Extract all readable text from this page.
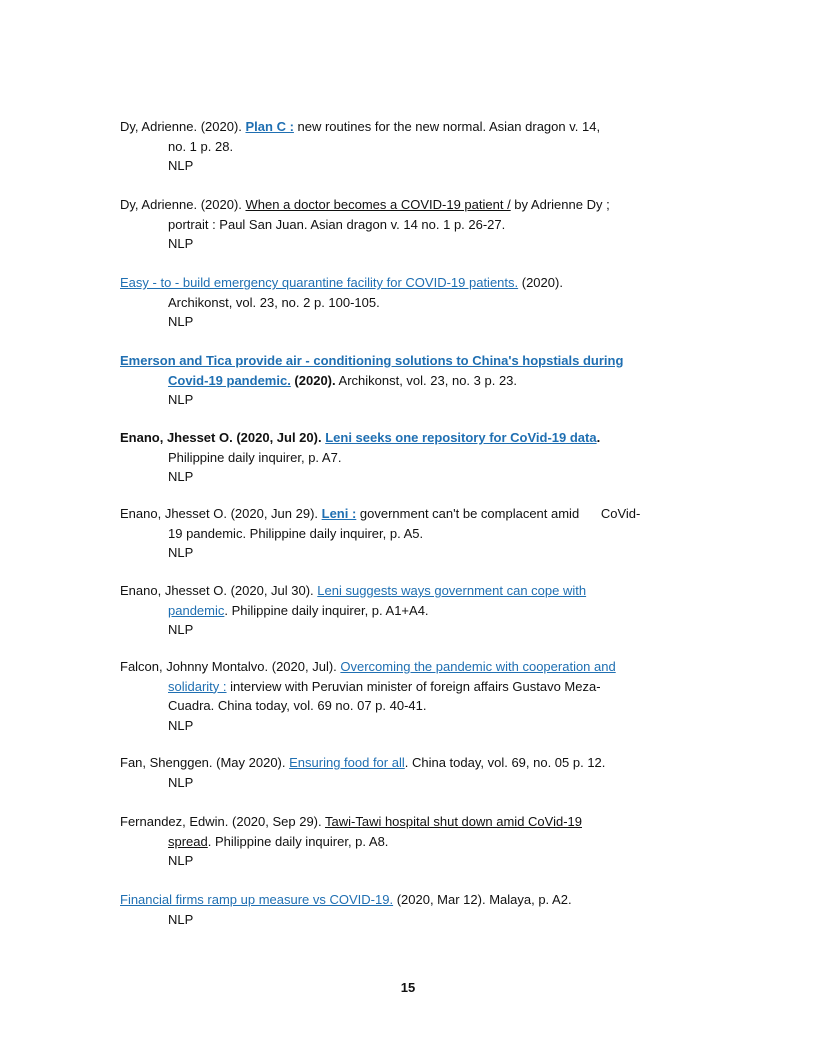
Dy, Adrienne. (2020). Plan C : new routines for the new normal. Asian dragon v. 14,
no. 1 p. 28.
NLP
Dy, Adrienne. (2020). When a doctor becomes a COVID-19 patient / by Adrienne Dy ;
portrait : Paul San Juan. Asian dragon v. 14 no. 1 p. 26-27.
NLP
Easy - to - build emergency quarantine facility for COVID-19 patients. (2020).
Archikonst, vol. 23, no. 2 p. 100-105.
NLP
Emerson and Tica provide air - conditioning solutions to China's hopstials during
Covid-19 pandemic. (2020). Archikonst, vol. 23, no. 3 p. 23.
NLP
Enano, Jhesset O. (2020, Jul 20). Leni seeks one repository for CoVid-19 data.
Philippine daily inquirer, p. A7.
NLP
Enano, Jhesset O. (2020, Jun 29). Leni : government can't be complacent amid      CoVid-
19 pandemic. Philippine daily inquirer, p. A5.
NLP
Enano, Jhesset O. (2020, Jul 30). Leni suggests ways government can cope with
pandemic. Philippine daily inquirer, p. A1+A4.
NLP
Falcon, Johnny Montalvo. (2020, Jul). Overcoming the pandemic with cooperation and
solidarity : interview with Peruvian minister of foreign affairs Gustavo Meza-
Cuadra. China today, vol. 69 no. 07 p. 40-41.
NLP
Fan, Shenggen. (May 2020). Ensuring food for all. China today, vol. 69, no. 05 p. 12.
NLP
Fernandez, Edwin. (2020, Sep 29). Tawi-Tawi hospital shut down amid CoVid-19
spread. Philippine daily inquirer, p. A8.
NLP
Financial firms ramp up measure vs COVID-19. (2020, Mar 12). Malaya, p. A2.
NLP
15
